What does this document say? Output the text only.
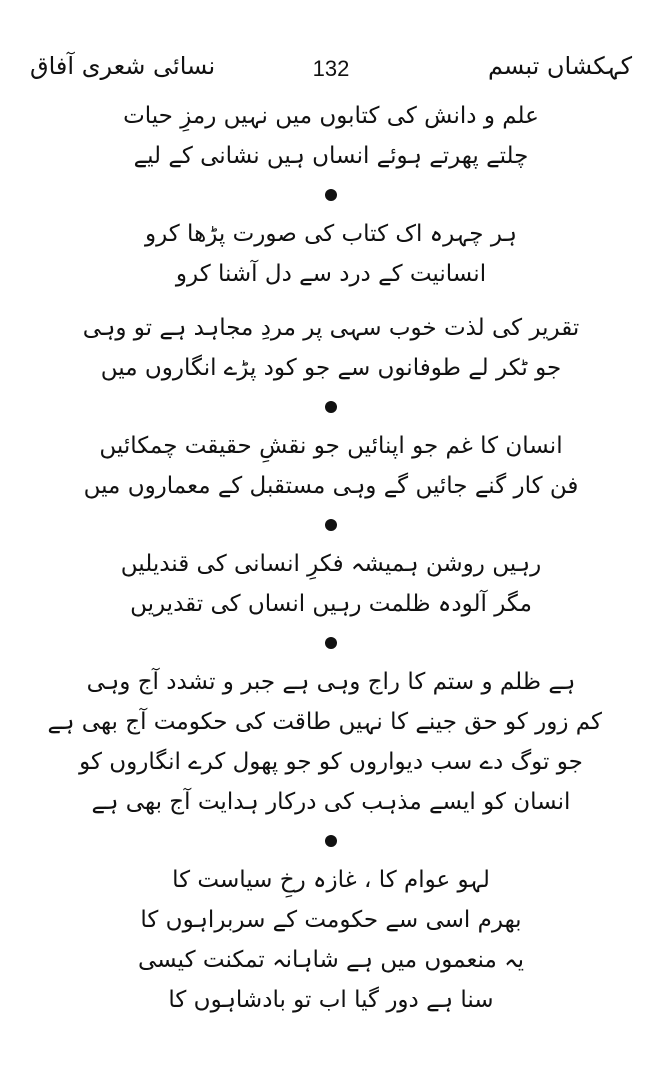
نسائی شعری آفاق	132	کہکشاں تبسم
علم و دانش کی کتابوں میں نہیں رمزِ حیات
چلتے پھرتے ہوئے انساں ہیں نشانی کے لیے
ہر چہرہ اک کتاب کی صورت پڑھا کرو
انسانیت کے درد سے دل آشنا کرو
تقریر کی لذت خوب سہی پر مردِ مجاہد ہے تو وہی
جو ٹکر لے طوفانوں سے جو کود پڑے انگاروں میں
انسان کا غم جو اپنائیں جو نقشِ حقیقت چمکائیں
فن کار گنے جائیں گے وہی مستقبل کے معماروں میں
رہیں روشن ہمیشہ فکرِ انسانی کی قندیلیں
مگر آلودہ ظلمت رہیں انساں کی تقدیریں
ہے ظلم و ستم کا راج وہی ہے جبر و تشدد آج وہی
کم زور کو حق جینے کا نہیں طاقت کی حکومت آج بھی ہے
جو توگ دے سب دیواروں کو جو پھول کرے انگاروں کو
انسان کو ایسے مذہب کی درکار ہدایت آج بھی ہے
لہو عوام کا ، غازہ رخِ سیاست کا
بھرم اسی سے حکومت کے سربراہوں کا
یہ منعموں میں ہے شاہانہ تمکنت کیسی
سنا ہے دور گیا اب تو بادشاہوں کا
